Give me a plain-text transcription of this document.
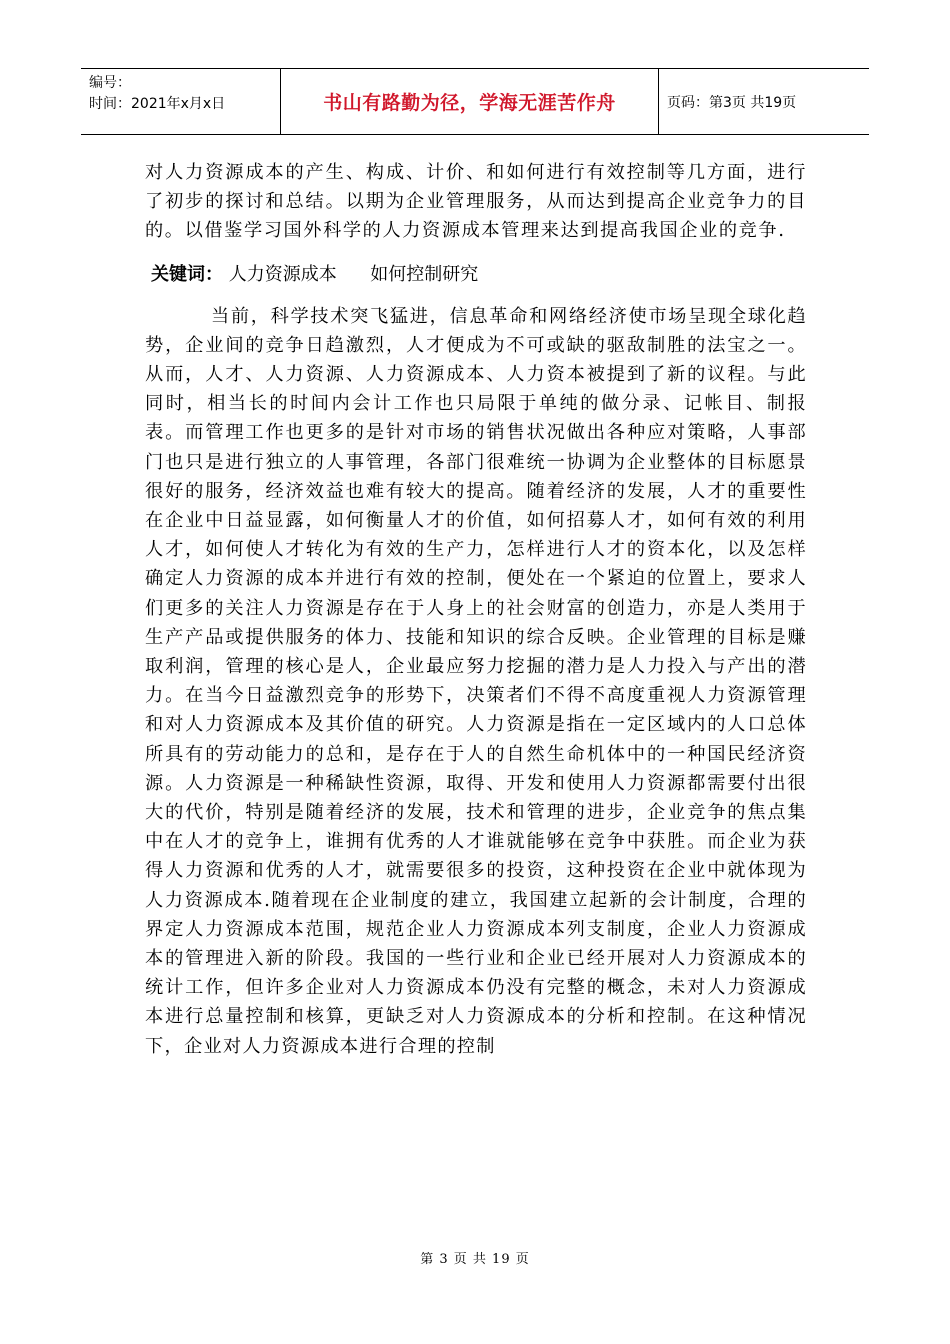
编号：
时间：2021年x月x日	书山有路勤为径，学海无涯苦作舟	页码：第3页 共19页

对人力资源成本的产生、构成、计价、和如何进行有效控制等几方面，进行了初步的探讨和总结。以期为企业管理服务，从而达到提高企业竞争力的目的。以借鉴学习国外科学的人力资源成本管理来达到提高我国企业的竞争.

关键词： 人力资源成本 如何控制研究

当前，科学技术突飞猛进，信息革命和网络经济使市场呈现全球化趋势，企业间的竞争日趋激烈，人才便成为不可或缺的驱敌制胜的法宝之一。从而，人才、人力资源、人力资源成本、人力资本被提到了新的议程。与此同时，相当长的时间内会计工作也只局限于单纯的做分录、记帐目、制报表。而管理工作也更多的是针对市场的销售状况做出各种应对策略，人事部门也只是进行独立的人事管理，各部门很难统一协调为企业整体的目标愿景很好的服务，经济效益也难有较大的提高。随着经济的发展，人才的重要性在企业中日益显露，如何衡量人才的价值，如何招募人才，如何有效的利用人才，如何使人才转化为有效的生产力，怎样进行人才的资本化，以及怎样确定人力资源的成本并进行有效的控制，便处在一个紧迫的位置上，要求人们更多的关注人力资源是存在于人身上的社会财富的创造力，亦是人类用于生产产品或提供服务的体力、技能和知识的综合反映。企业管理的目标是赚取利润，管理的核心是人，企业最应努力挖掘的潜力是人力投入与产出的潜力。在当今日益激烈竞争的形势下，决策者们不得不高度重视人力资源管理和对人力资源成本及其价值的研究。人力资源是指在一定区域内的人口总体所具有的劳动能力的总和，是存在于人的自然生命机体中的一种国民经济资源。人力资源是一种稀缺性资源，取得、开发和使用人力资源都需要付出很大的代价，特别是随着经济的发展，技术和管理的进步，企业竞争的焦点集中在人才的竞争上，谁拥有优秀的人才谁就能够在竞争中获胜。而企业为获得人力资源和优秀的人才，就需要很多的投资，这种投资在企业中就体现为人力资源成本.随着现在企业制度的建立，我国建立起新的会计制度，合理的界定人力资源成本范围，规范企业人力资源成本列支制度，企业人力资源成本的管理进入新的阶段。我国的一些行业和企业已经开展对人力资源成本的统计工作，但许多企业对人力资源成本仍没有完整的概念，未对人力资源成本进行总量控制和核算，更缺乏对人力资源成本的分析和控制。在这种情况下，企业对人力资源成本进行合理的控制

第 3 页 共 19 页
